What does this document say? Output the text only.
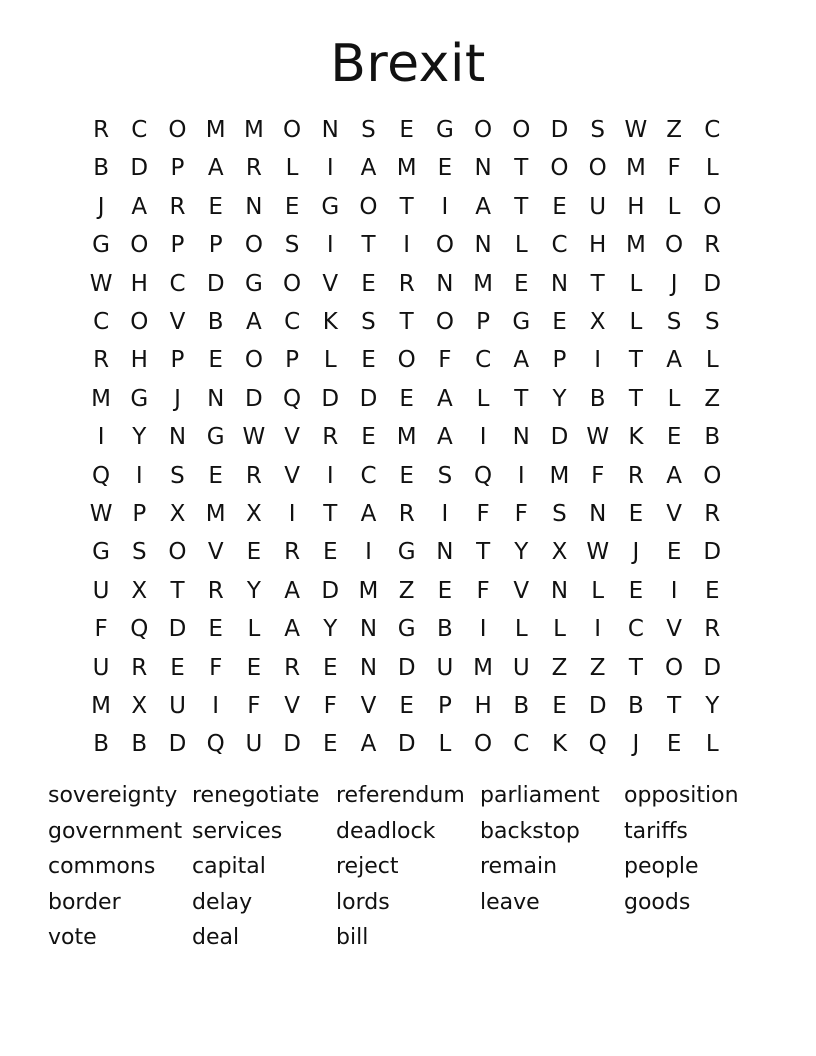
Brexit
R C O M M O N S	E G O O D S W Z C
B D P	A R	L	I	A M E N T O O M F	L
J	A R E N E G O T	I	A	T	E U H	L O
G O P	P O S	I	T	I	O N	L	C H M O R
W H C D G O V	E R N M E N T	L	J	D
C O V B A C K	S	T O P G E	X	L	S	S
R H P	E O P	L	E O F	C A	P	I	T	A	L
M G	J	N D Q D D E	A	L	T	Y	B	T	L	Z
I	Y N G W V R E M A	I	N D W K	E	B
Q	I	S	E R V	I	C E	S Q	I	M F	R A O
W P	X M X	I	T	A R	I	F	F	S N E	V R
G S O V	E R E	I	G N T	Y	X W	J	E D
U X	T	R	Y	A D M Z	E	F	V N	L	E	I	E
F Q D E	L	A	Y N G B	I	L	L	I	C V R
U R E	F	E R E N D U M U Z Z	T O D
M X U	I	F	V	F	V	E	P H B	E D B	T	Y
B B D Q U D E	A D L O C K Q	J	E	L
sovereignty renegotiate referendum parliament	opposition
government services	deadlock	backstop	tariffs
commons	capital	reject	remain	people
border	delay	lords	leave	goods
vote	deal	bill
